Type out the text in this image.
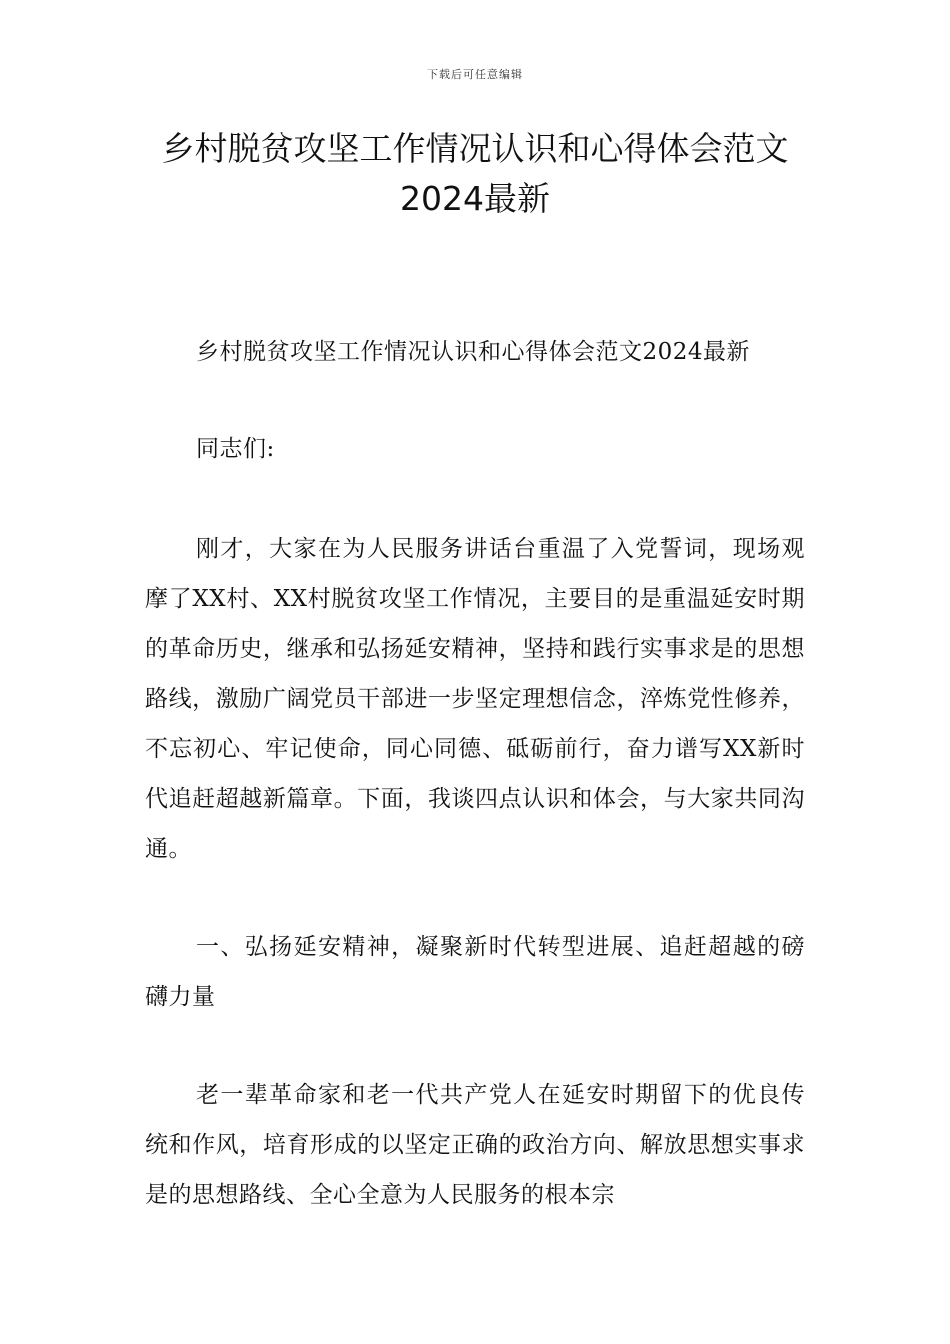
下载后可任意编辑
乡村脱贫攻坚工作情况认识和心得体会范文2024最新

乡村脱贫攻坚工作情况认识和心得体会范文2024最新

同志们:

刚才，大家在为人民服务讲话台重温了入党誓词，现场观摩了XX村、XX村脱贫攻坚工作情况，主要目的是重温延安时期的革命历史，继承和弘扬延安精神，坚持和践行实事求是的思想路线，激励广阔党员干部进一步坚定理想信念，淬炼党性修养，不忘初心、牢记使命，同心同德、砥砺前行，奋力谱写XX新时代追赶超越新篇章。下面，我谈四点认识和体会，与大家共同沟通。

一、弘扬延安精神，凝聚新时代转型进展、追赶超越的磅礴力量

老一辈革命家和老一代共产党人在延安时期留下的优良传统和作风，培育形成的以坚定正确的政治方向、解放思想实事求是的思想路线、全心全意为人民服务的根本宗
